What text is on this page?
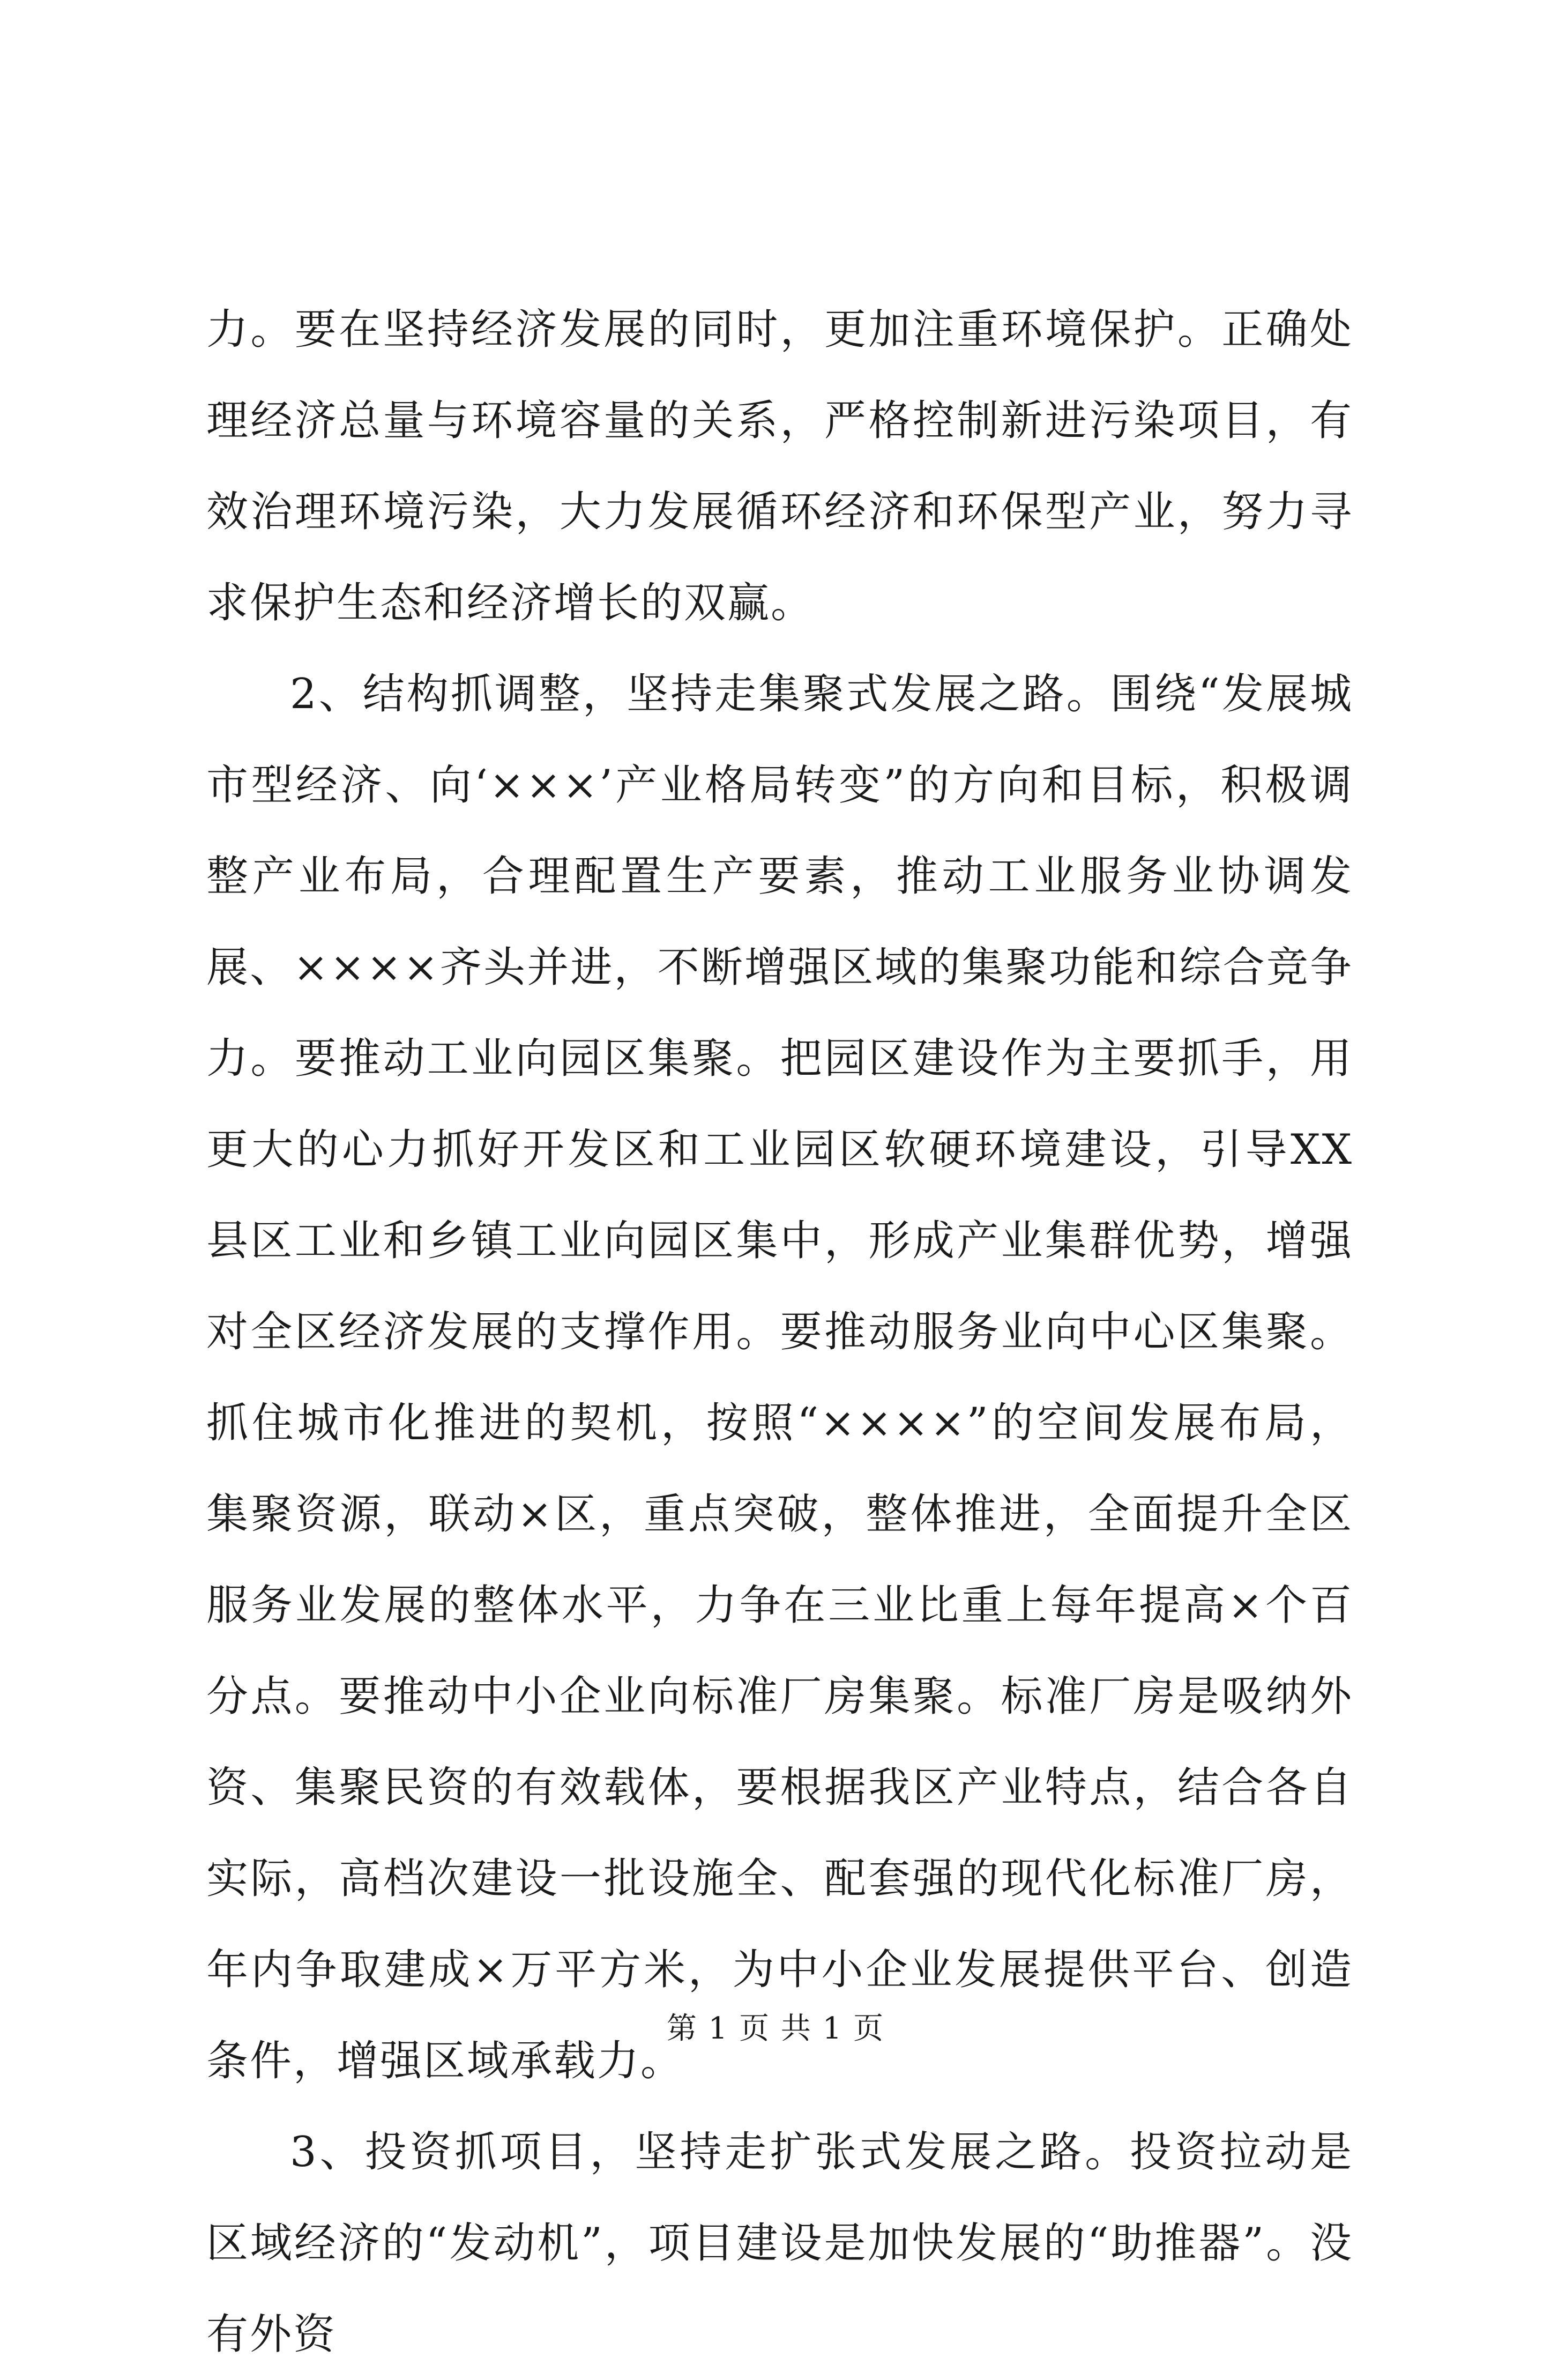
力。要在坚持经济发展的同时，更加注重环境保护。正确处理经济总量与环境容量的关系，严格控制新进污染项目，有效治理环境污染，大力发展循环经济和环保型产业，努力寻求保护生态和经济增长的双赢。

2、结构抓调整，坚持走集聚式发展之路。围绕“发展城市型经济、向‘×××’产业格局转变”的方向和目标，积极调整产业布局，合理配置生产要素，推动工业服务业协调发展、××××齐头并进，不断增强区域的集聚功能和综合竞争力。要推动工业向园区集聚。把园区建设作为主要抓手，用更大的心力抓好开发区和工业园区软硬环境建设，引导XX县区工业和乡镇工业向园区集中，形成产业集群优势，增强对全区经济发展的支撑作用。要推动服务业向中心区集聚。抓住城市化推进的契机，按照“××××”的空间发展布局，集聚资源，联动×区，重点突破，整体推进，全面提升全区服务业发展的整体水平，力争在三业比重上每年提高×个百分点。要推动中小企业向标准厂房集聚。标准厂房是吸纳外资、集聚民资的有效载体，要根据我区产业特点，结合各自实际，高档次建设一批设施全、配套强的现代化标准厂房，年内争取建成×万平方米，为中小企业发展提供平台、创造条件，增强区域承载力。

3、投资抓项目，坚持走扩张式发展之路。投资拉动是区域经济的“发动机”，项目建设是加快发展的“助推器”。没有外资

第 1 页 共 1 页
